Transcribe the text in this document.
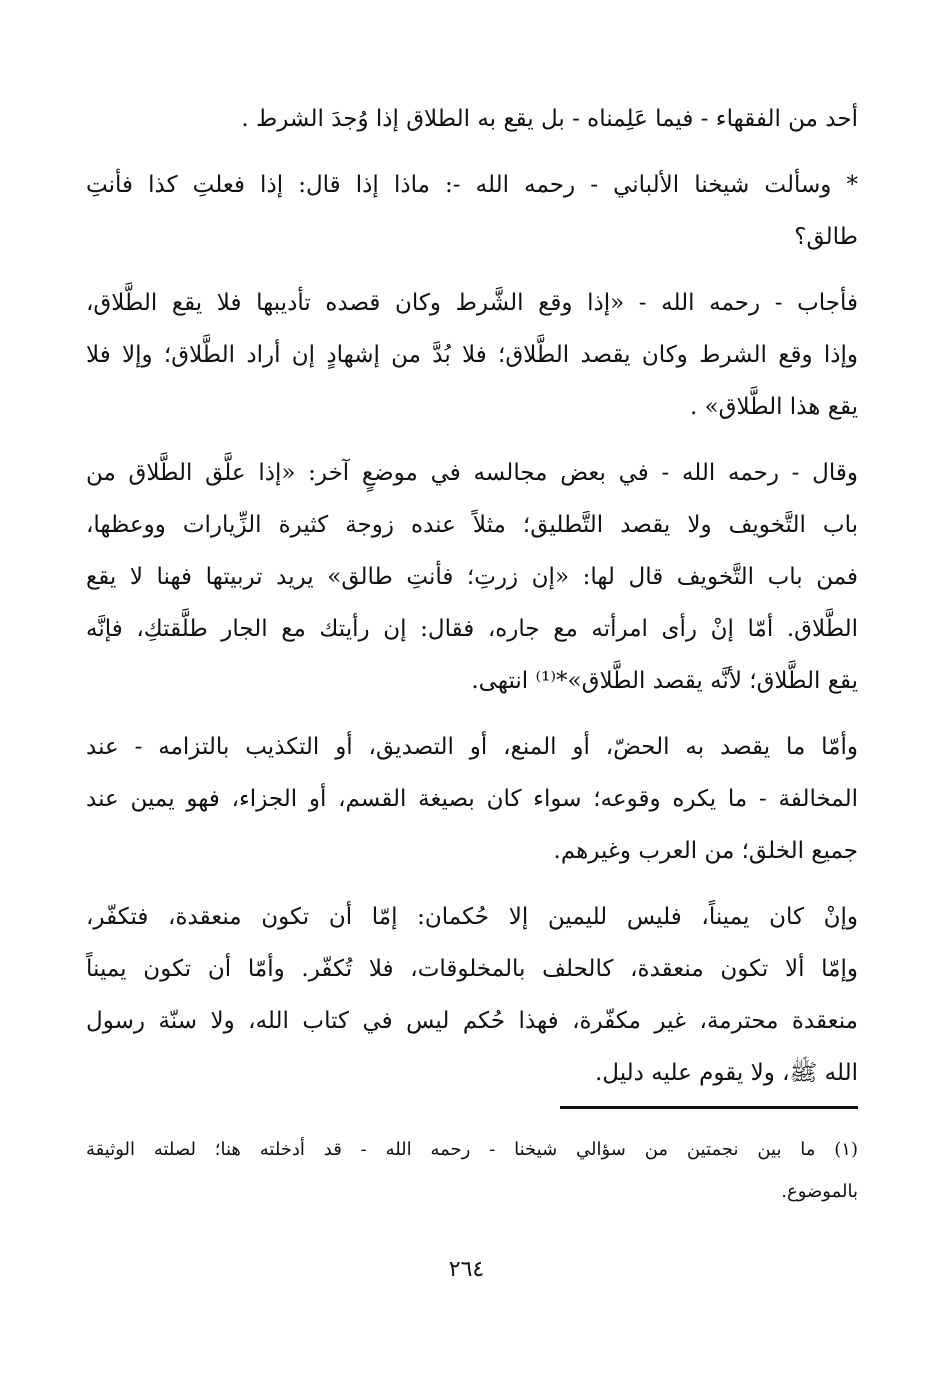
أحد من الفقهاء - فيما عَلِمناه - بل يقع به الطلاق إذا وُجدَ الشرط .
* وسألت شيخنا الألباني - رحمه الله -: ماذا إذا قال: إذا فعلتِ كذا فأنتِ
طالق؟
فأجاب - رحمه الله - «إذا وقع الشَّرط وكان قصده تأديبها فلا يقع الطَّلاق،
وإذا وقع الشرط وكان يقصد الطَّلاق؛ فلا بُدَّ من إشهادٍ إن أراد الطَّلاق؛ وإلا فلا
يقع هذا الطَّلاق» .
وقال - رحمه الله - في بعض مجالسه في موضعٍ آخر: «إذا علَّق الطَّلاق من
باب التَّخويف ولا يقصد التَّطليق؛ مثلاً عنده زوجة كثيرة الزِّيارات ووعظها،
فمن باب التَّخويف قال لها: «إن زرتِ؛ فأنتِ طالق» يريد تربيتها فهنا لا يقع
الطَّلاق. أمّا إنْ رأى امرأته مع جاره، فقال: إن رأيتك مع الجار طلَّقتكِ، فإنَّه
يقع الطَّلاق؛ لأنَّه يقصد الطَّلاق»*⁽¹⁾ انتهى.
وأمّا ما يقصد به الحضّ، أو المنع، أو التصديق، أو التكذيب بالتزامه - عند
المخالفة - ما يكره وقوعه؛ سواء كان بصيغة القسم، أو الجزاء، فهو يمين عند
جميع الخلق؛ من العرب وغيرهم.
وإنْ كان يميناً، فليس لليمين إلا حُكمان: إمّا أن تكون منعقدة، فتكفّر،
وإمّا ألا تكون منعقدة، كالحلف بالمخلوقات، فلا تُكفّر. وأمّا أن تكون يميناً
منعقدة محترمة، غير مكفّرة، فهذا حُكم ليس في كتاب الله، ولا سنّة رسول
الله ﷺ، ولا يقوم عليه دليل.
(١) ما بين نجمتين من سؤالي شيخنا - رحمه الله - قد أدخلته هنا؛ لصلته الوثيقة
بالموضوع.
٢٦٤
